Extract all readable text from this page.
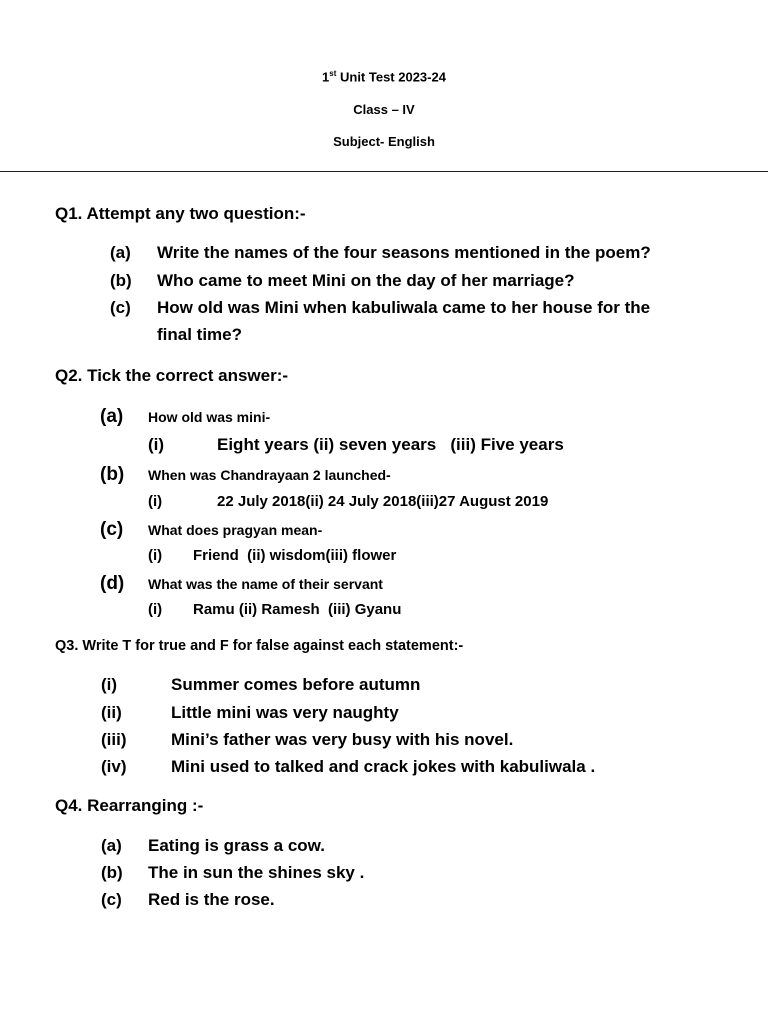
1st Unit Test 2023-24
Class – IV
Subject- English
Q1. Attempt any two question:-
(a) Write the names of the four seasons mentioned in the poem?
(b) Who came to meet Mini on the day of her marriage?
(c) How old was Mini when kabuliwala came to her house for the
final time?
Q2. Tick the correct answer:-
(a) How old was mini-
(i)	Eight years (ii) seven years   (iii) Five years
(b) When was Chandrayaan 2 launched-
(i)	22 July 2018(ii) 24 July 2018(iii)27 August 2019
(c) What does pragyan mean-
(i) Friend  (ii) wisdom(iii) flower
(d) What was the name of their servant
(i) Ramu (ii) Ramesh  (iii) Gyanu
Q3. Write T for true and F for false against each statement:-
(i)	Summer comes before autumn
(ii)	Little mini was very naughty
(iii)	Mini’s father was very busy with his novel.
(iv)	Mini used to talked and crack jokes with kabuliwala .
Q4. Rearranging :-
(a) Eating is grass a cow.
(b) The in sun the shines sky .
(c) Red is the rose.
